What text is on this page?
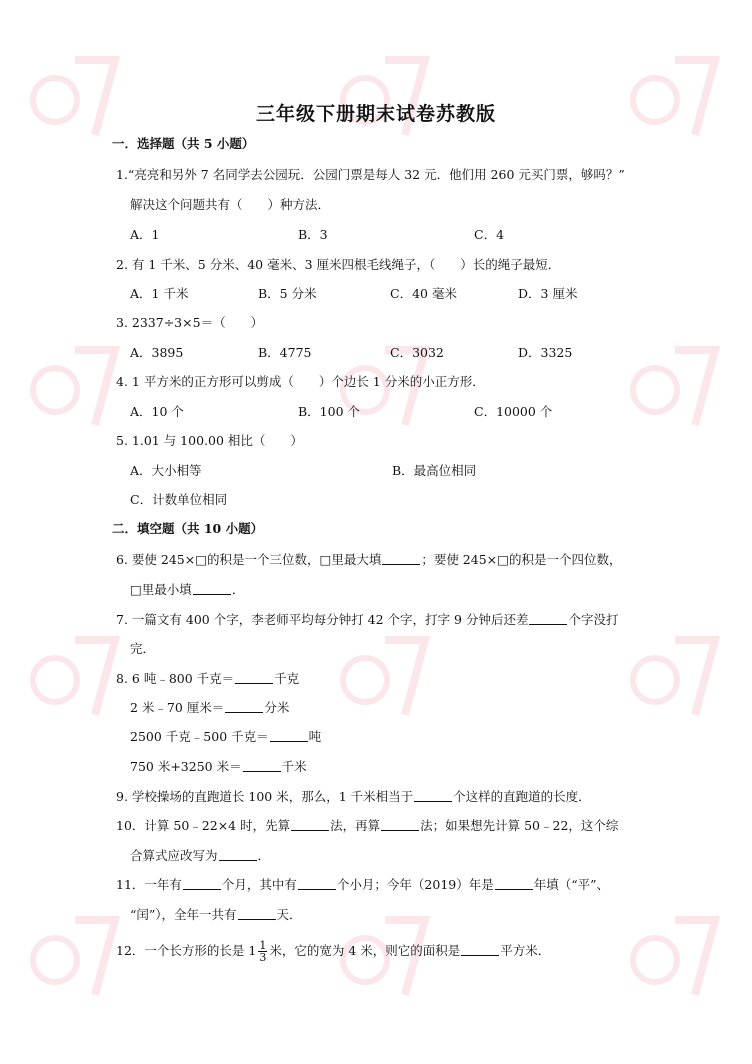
三年级下册期末试卷苏教版
一．选择题（共 5 小题）
1.“亮亮和另外 7 名同学去公园玩．公园门票是每人 32 元．他们用 260 元买门票，够吗？”
解决这个问题共有（　　）种方法．
A．1	B．3	C．4
2. 有 1 千米、5 分米、40 毫米、3 厘米四根毛线绳子，（　　）长的绳子最短．
A．1 千米	B．5 分米	C．40 毫米	D．3 厘米
3. 2337÷3×5＝（　　）
A．3895	B．4775	C．3032	D．3325
4. 1 平方米的正方形可以剪成（　　）个边长 1 分米的小正方形．
A．10 个	B．100 个	C．10000 个
5. 1.01 与 100.00 相比（　　）
A．大小相等	B．最高位相同
C．计数单位相同
二．填空题（共 10 小题）
6. 要使 245×□的积是一个三位数，□里最大填	；要使 245×□的积是一个四位数，
□里最小填	．
7. 一篇文有 400 个字，李老师平均每分钟打 42 个字，打字 9 分钟后还差	个字没打
完．
8. 6 吨﹣800 千克＝	千克
2 米﹣70 厘米＝	分米
2500 千克﹣500 千克＝	吨
750 米+3250 米＝	千米
9. 学校操场的直跑道长 100 米，那么，1 千米相当于	个这样的直跑道的长度．
10．计算 50﹣22×4 时，先算	法，再算	法；如果想先计算 50﹣22，这个综
合算式应改写为	．
11．一年有	个月，其中有	个小月；今年（2019）年是	年填（“平”、
“闰”），全年一共有	天．
12．一个长方形的长是 $1 \frac{1}{3}$ 米，它的宽为 4 米，则它的面积是	平方米．
